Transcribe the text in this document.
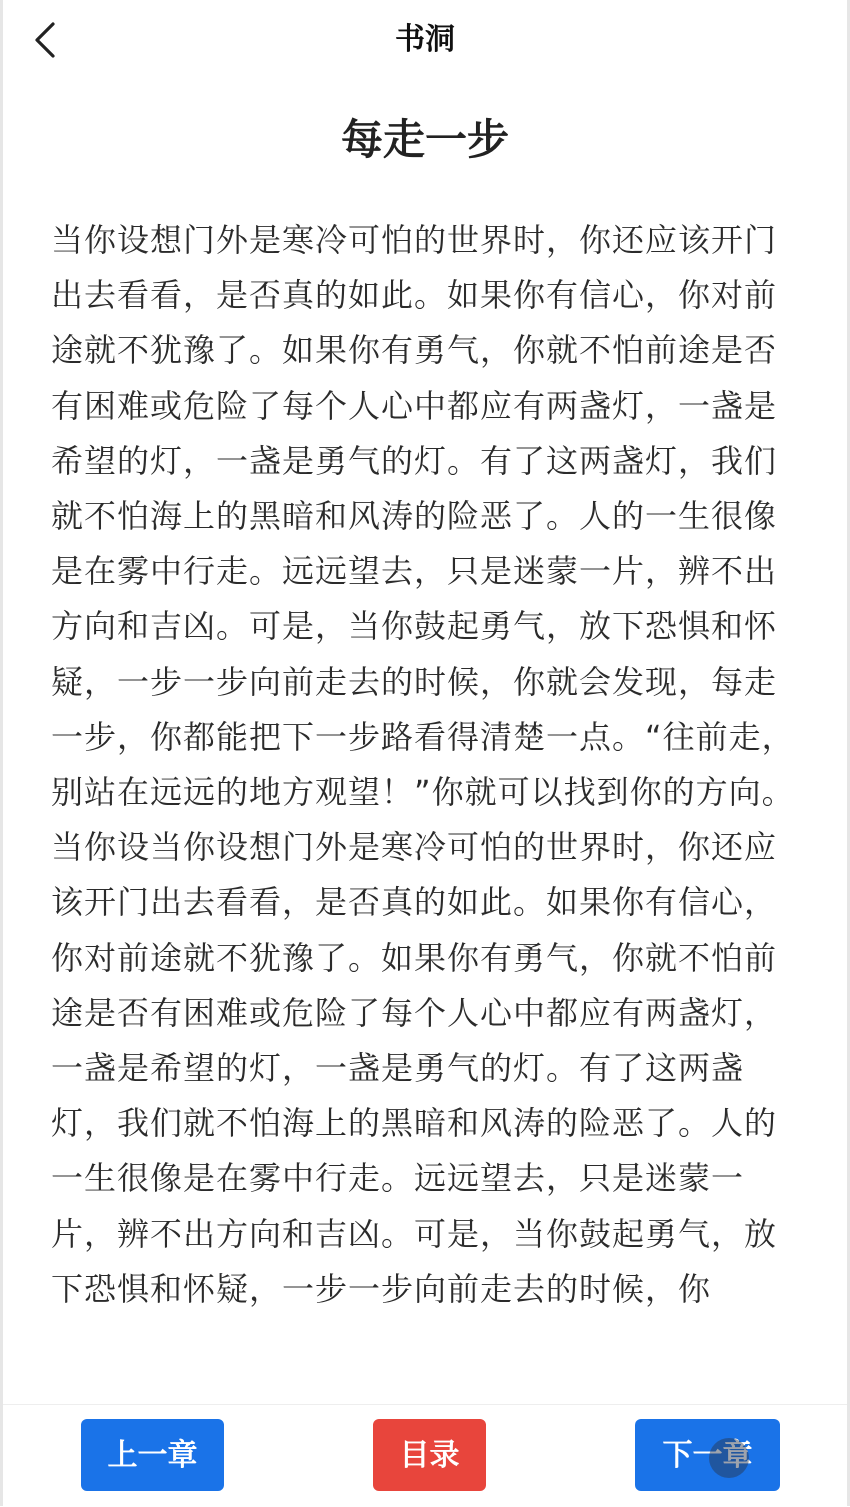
书洞
每走一步
当你设想门外是寒冷可怕的世界时，你还应该开门出去看看，是否真的如此。如果你有信心，你对前途就不犹豫了。如果你有勇气，你就不怕前途是否有困难或危险了每个人心中都应有两盏灯，一盏是希望的灯，一盏是勇气的灯。有了这两盏灯，我们就不怕海上的黑暗和风涛的险恶了。人的一生很像是在雾中行走。远远望去，只是迷蒙一片，辨不出方向和吉凶。可是，当你鼓起勇气，放下恐惧和怀疑，一步一步向前走去的时候，你就会发现，每走一步，你都能把下一步路看得清楚一点。“往前走，别站在远远的地方观望！”你就可以找到你的方向。当你设当你设想门外是寒冷可怕的世界时，你还应该开门出去看看，是否真的如此。如果你有信心，你对前途就不犹豫了。如果你有勇气，你就不怕前途是否有困难或危险了每个人心中都应有两盏灯，一盏是希望的灯，一盏是勇气的灯。有了这两盏灯，我们就不怕海上的黑暗和风涛的险恶了。人的一生很像是在雾中行走。远远望去，只是迷蒙一片，辨不出方向和吉凶。可是，当你鼓起勇气，放下恐惧和怀疑，一步一步向前走去的时候，你
上一章	目录	下一章
